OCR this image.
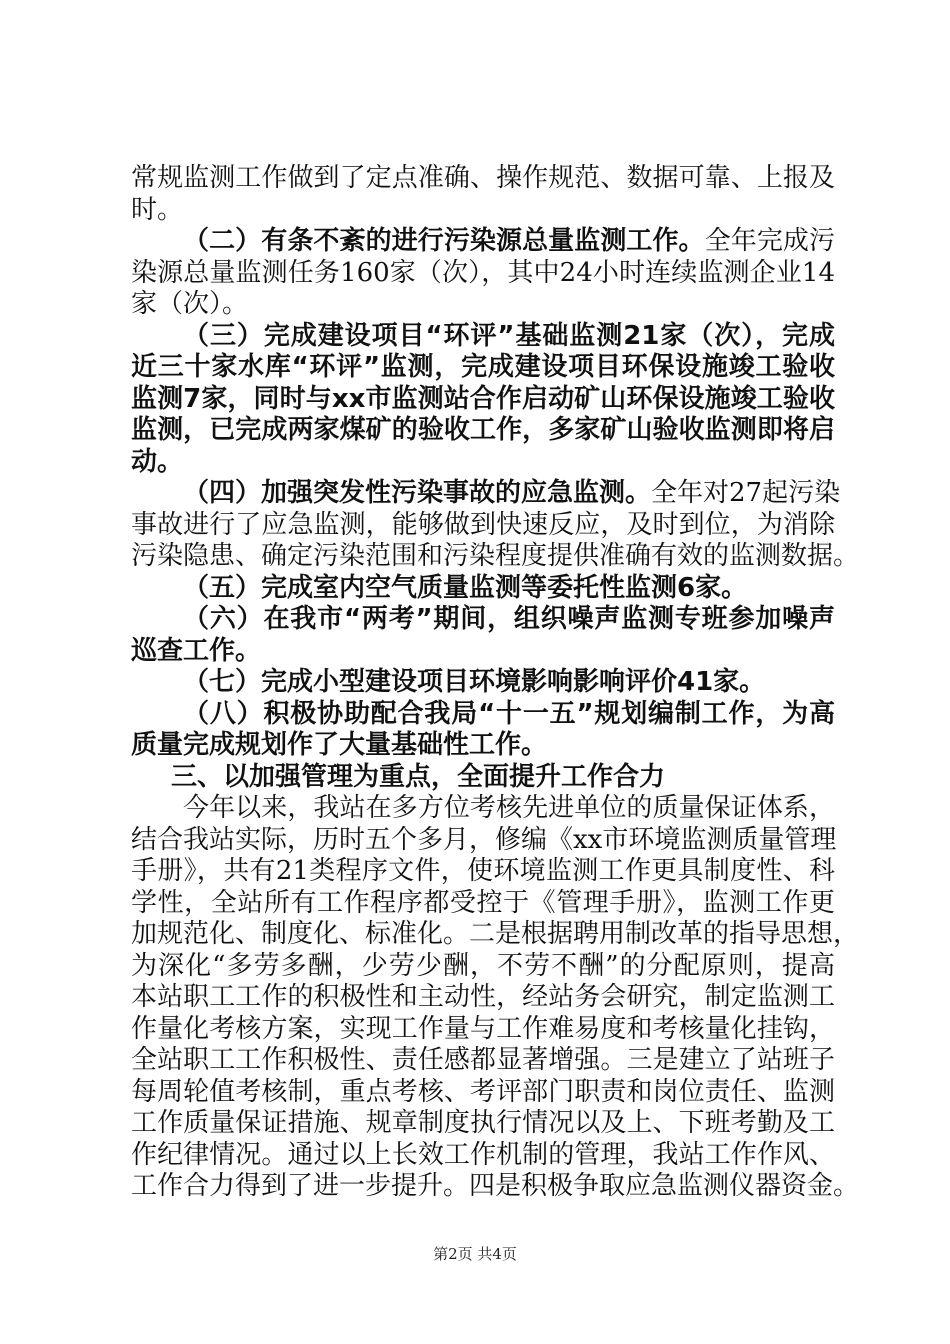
常规监测工作做到了定点准确、操作规范、数据可靠、上报及
时。
（二）有条不紊的进行污染源总量监测工作。全年完成污
染源总量监测任务160家（次），其中24小时连续监测企业14
家（次）。
（三）完成建设项目“环评”基础监测21家（次），完成
近三十家水库“环评”监测，完成建设项目环保设施竣工验收
监测7家，同时与xx市监测站合作启动矿山环保设施竣工验收
监测，已完成两家煤矿的验收工作，多家矿山验收监测即将启
动。
（四）加强突发性污染事故的应急监测。全年对27起污染
事故进行了应急监测，能够做到快速反应，及时到位，为消除
污染隐患、确定污染范围和污染程度提供准确有效的监测数据。
（五）完成室内空气质量监测等委托性监测6家。
（六）在我市“两考”期间，组织噪声监测专班参加噪声
巡查工作。
（七）完成小型建设项目环境影响影响评价41家。
（八）积极协助配合我局“十一五”规划编制工作，为高
质量完成规划作了大量基础性工作。
三、以加强管理为重点，全面提升工作合力
今年以来，我站在多方位考核先进单位的质量保证体系，
结合我站实际，历时五个多月，修编《xx市环境监测质量管理
手册》，共有21类程序文件，使环境监测工作更具制度性、科
学性，全站所有工作程序都受控于《管理手册》，监测工作更
加规范化、制度化、标准化。二是根据聘用制改革的指导思想，
为深化“多劳多酬，少劳少酬，不劳不酬”的分配原则，提高
本站职工工作的积极性和主动性，经站务会研究，制定监测工
作量化考核方案，实现工作量与工作难易度和考核量化挂钩，
全站职工工作积极性、责任感都显著增强。三是建立了站班子
每周轮值考核制，重点考核、考评部门职责和岗位责任、监测
工作质量保证措施、规章制度执行情况以及上、下班考勤及工
作纪律情况。通过以上长效工作机制的管理，我站工作作风、
工作合力得到了进一步提升。四是积极争取应急监测仪器资金。
第2页 共4页
